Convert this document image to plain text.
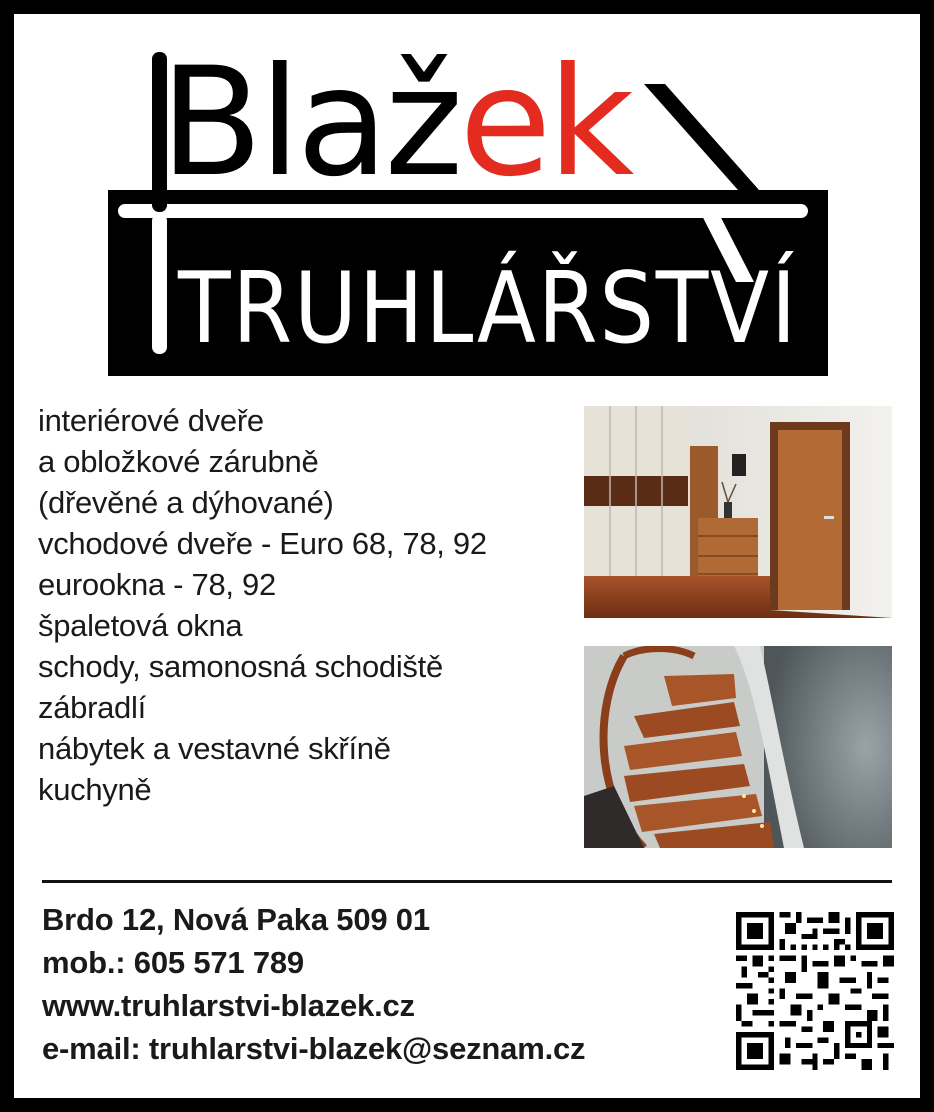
Blažek
TRUHLÁŘSTVÍ
interiérové dveře
a obložkové zárubně
(dřevěné a dýhované)
vchodové dveře - Euro 68, 78, 92
eurookna - 78, 92
špaletová okna
schody, samonosná schodiště
zábradlí
nábytek a vestavné skříně
kuchyně
Brdo 12, Nová Paka 509 01
mob.: 605 571 789
www.truhlarstvi-blazek.cz
e-mail: truhlarstvi-blazek@seznam.cz
